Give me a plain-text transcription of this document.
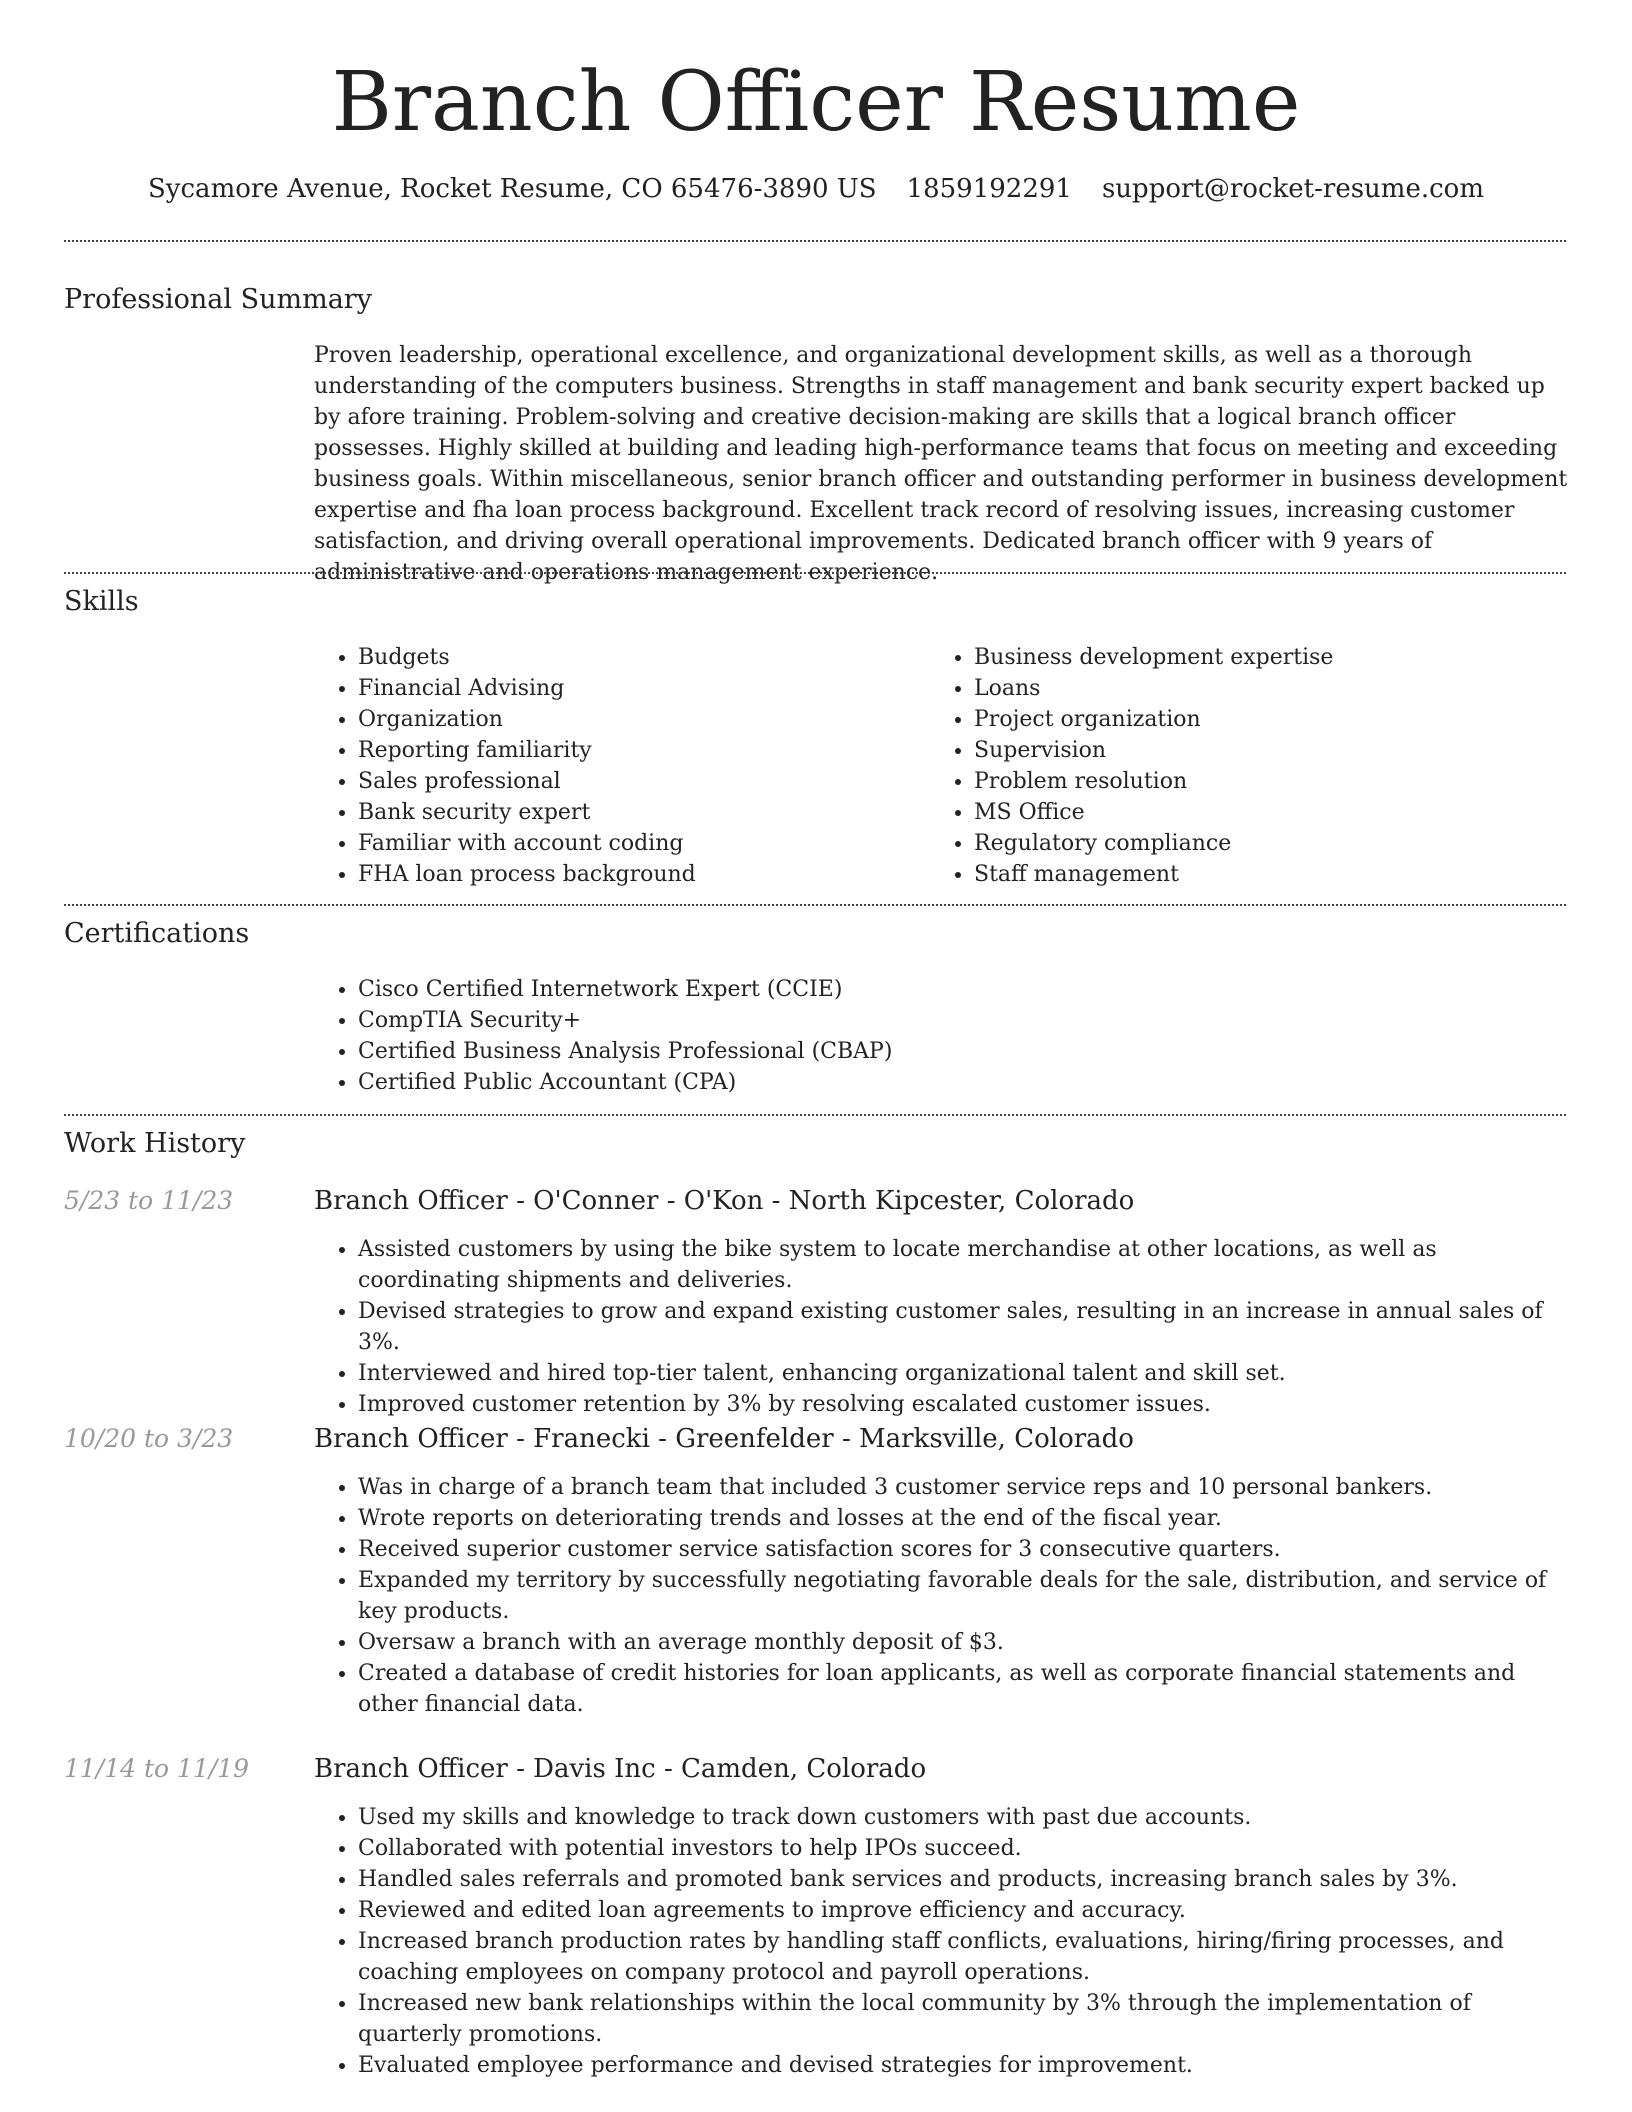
Branch Officer Resume
Sycamore Avenue, Rocket Resume, CO 65476-3890 US 1859192291 support@rocket-resume.com
Professional Summary
Proven leadership, operational excellence, and organizational development skills, as well as a thorough understanding of the computers business. Strengths in staff management and bank security expert backed up by afore training. Problem-solving and creative decision-making are skills that a logical branch officer possesses. Highly skilled at building and leading high-performance teams that focus on meeting and exceeding business goals. Within miscellaneous, senior branch officer and outstanding performer in business development expertise and fha loan process background. Excellent track record of resolving issues, increasing customer satisfaction, and driving overall operational improvements. Dedicated branch officer with 9 years of administrative and operations management experience.
Skills
• Budgets
• Financial Advising
• Organization
• Reporting familiarity
• Sales professional
• Bank security expert
• Familiar with account coding
• FHA loan process background
• Business development expertise
• Loans
• Project organization
• Supervision
• Problem resolution
• MS Office
• Regulatory compliance
• Staff management
Certifications
• Cisco Certified Internetwork Expert (CCIE)
• CompTIA Security+
• Certified Business Analysis Professional (CBAP)
• Certified Public Accountant (CPA)
Work History
5/23 to 11/23	Branch Officer - O'Conner - O'Kon - North Kipcester, Colorado
• Assisted customers by using the bike system to locate merchandise at other locations, as well as coordinating shipments and deliveries.
• Devised strategies to grow and expand existing customer sales, resulting in an increase in annual sales of 3%.
• Interviewed and hired top-tier talent, enhancing organizational talent and skill set.
• Improved customer retention by 3% by resolving escalated customer issues.
10/20 to 3/23	Branch Officer - Franecki - Greenfelder - Marksville, Colorado
• Was in charge of a branch team that included 3 customer service reps and 10 personal bankers.
• Wrote reports on deteriorating trends and losses at the end of the fiscal year.
• Received superior customer service satisfaction scores for 3 consecutive quarters.
• Expanded my territory by successfully negotiating favorable deals for the sale, distribution, and service of key products.
• Oversaw a branch with an average monthly deposit of $3.
• Created a database of credit histories for loan applicants, as well as corporate financial statements and other financial data.
11/14 to 11/19 Branch Officer - Davis Inc - Camden, Colorado
• Used my skills and knowledge to track down customers with past due accounts.
• Collaborated with potential investors to help IPOs succeed.
• Handled sales referrals and promoted bank services and products, increasing branch sales by 3%.
• Reviewed and edited loan agreements to improve efficiency and accuracy.
• Increased branch production rates by handling staff conflicts, evaluations, hiring/firing processes, and coaching employees on company protocol and payroll operations.
• Increased new bank relationships within the local community by 3% through the implementation of quarterly promotions.
• Evaluated employee performance and devised strategies for improvement.
